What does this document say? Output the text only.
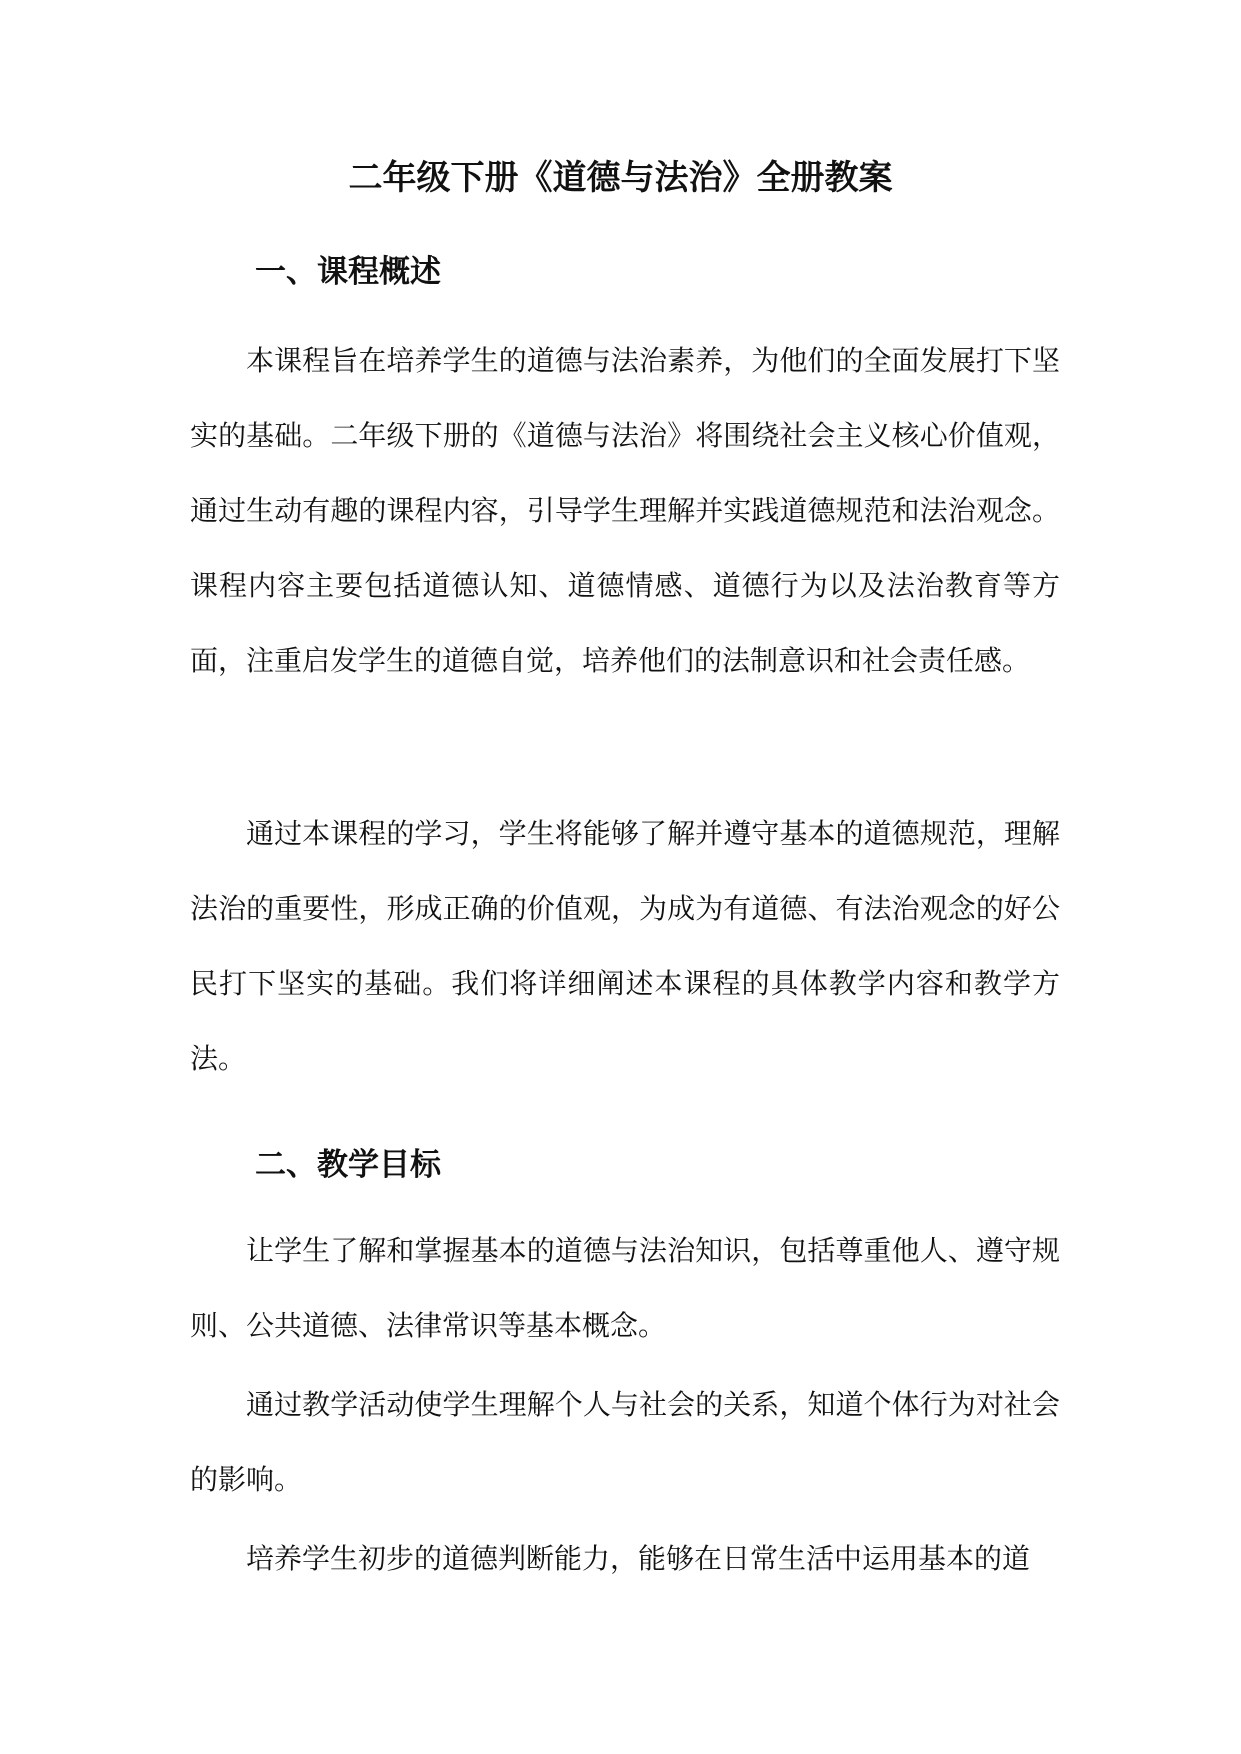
二年级下册《道德与法治》全册教案
一、课程概述

本课程旨在培养学生的道德与法治素养，为他们的全面发展打下坚实的基础。二年级下册的《道德与法治》将围绕社会主义核心价值观，通过生动有趣的课程内容，引导学生理解并实践道德规范和法治观念。课程内容主要包括道德认知、道德情感、道德行为以及法治教育等方面，注重启发学生的道德自觉，培养他们的法制意识和社会责任感。

通过本课程的学习，学生将能够了解并遵守基本的道德规范，理解法治的重要性，形成正确的价值观，为成为有道德、有法治观念的好公民打下坚实的基础。我们将详细阐述本课程的具体教学内容和教学方法。

二、教学目标

让学生了解和掌握基本的道德与法治知识，包括尊重他人、遵守规则、公共道德、法律常识等基本概念。

通过教学活动使学生理解个人与社会的关系，知道个体行为对社会的影响。

培养学生初步的道德判断能力，能够在日常生活中运用基本的道
